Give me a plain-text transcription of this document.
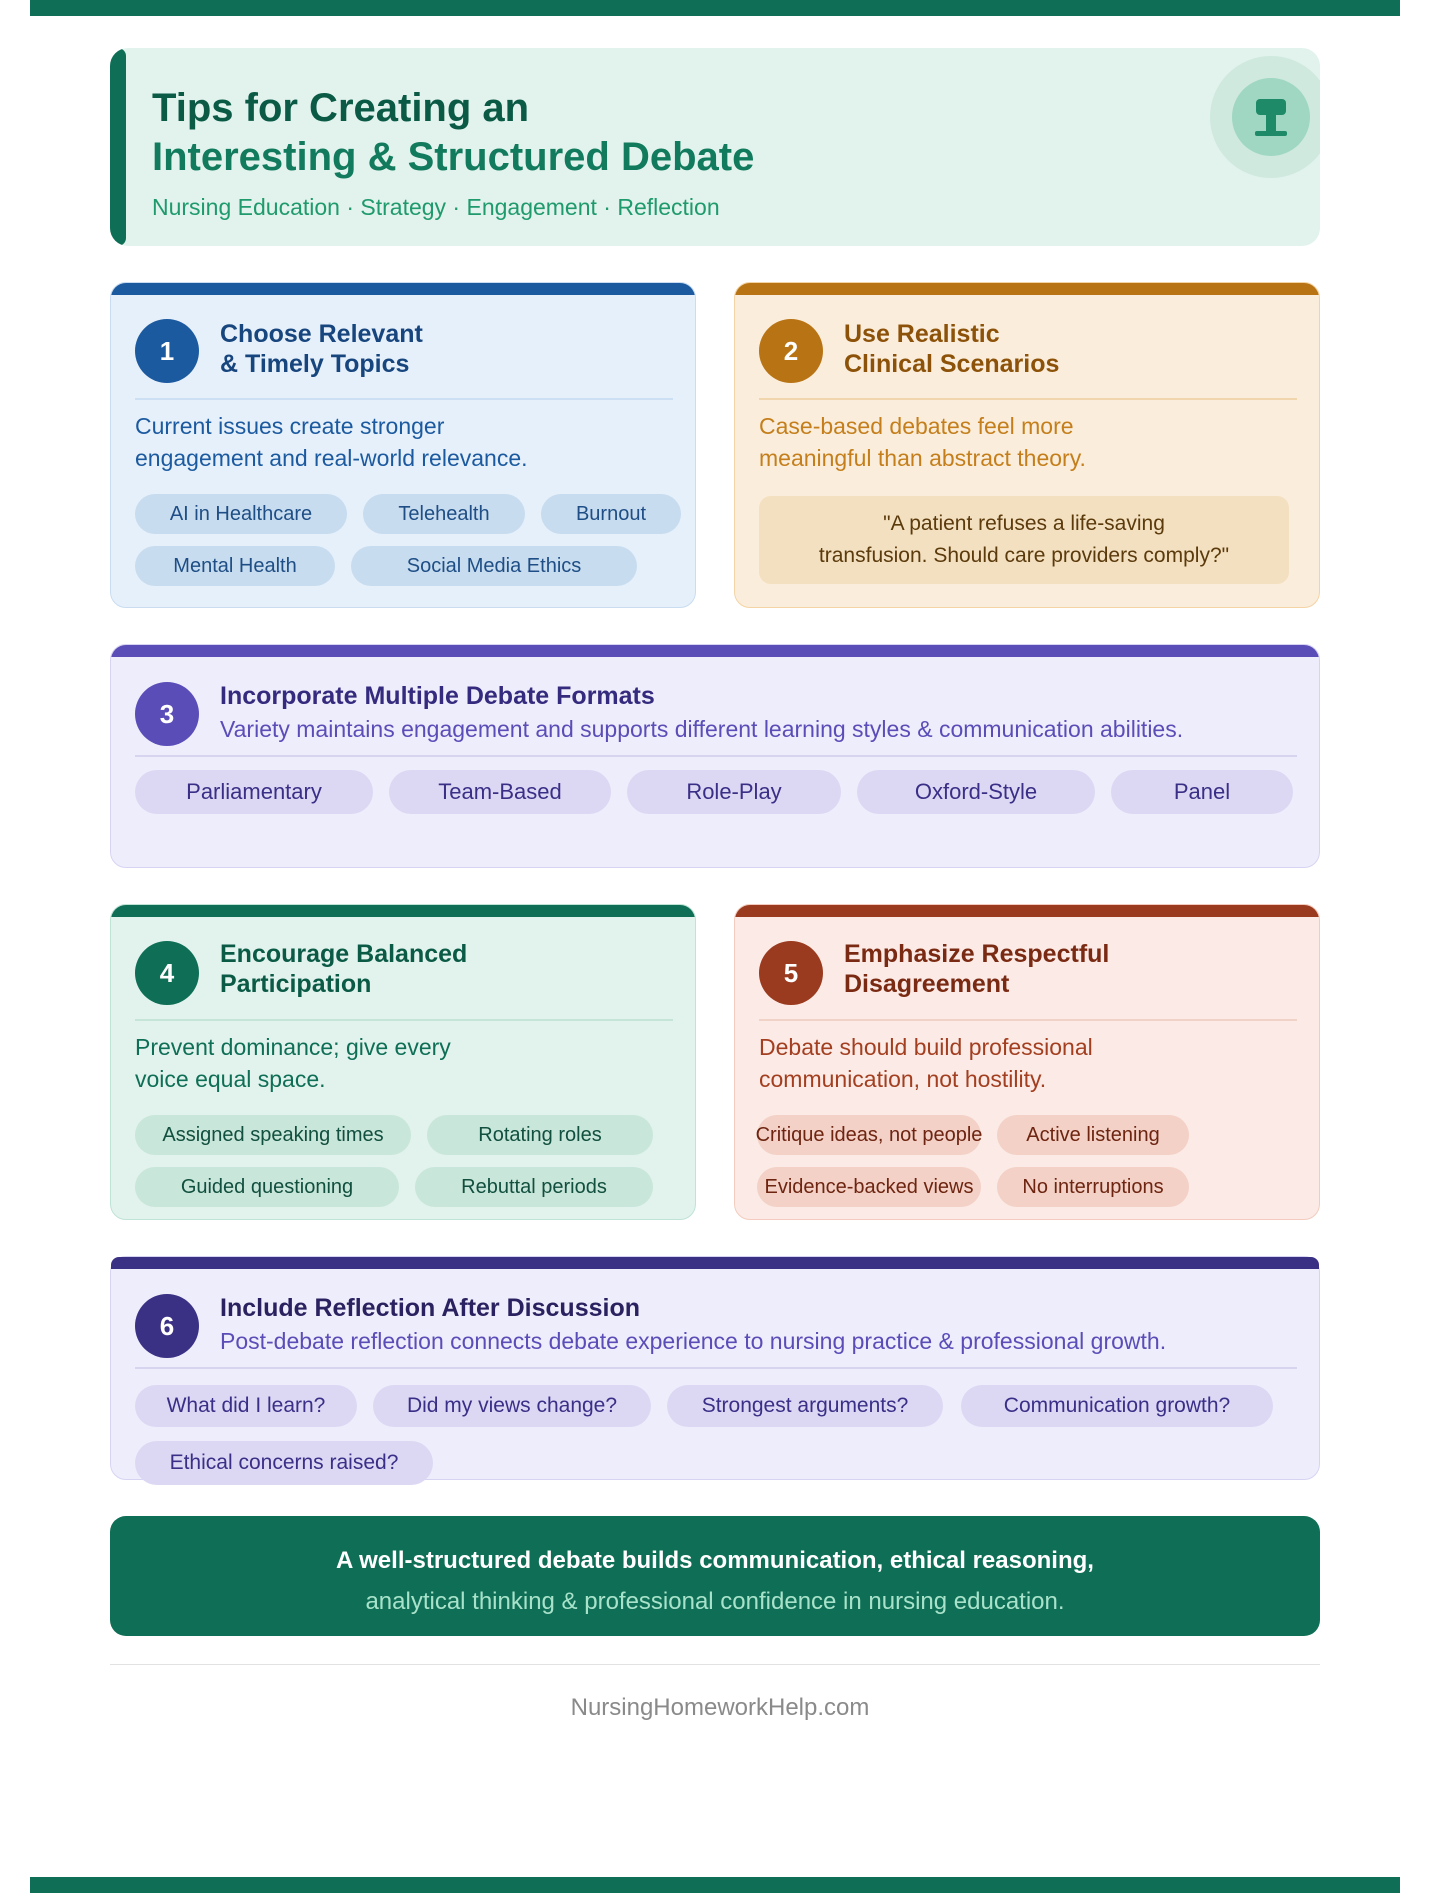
Tips for Creating an
Interesting & Structured Debate
Nursing Education · Strategy · Engagement · Reflection
1
Choose Relevant
& Timely Topics
Current issues create stronger
engagement and real-world relevance.
AI in Healthcare	Telehealth	Burnout
Mental Health	Social Media Ethics
2
Use Realistic
Clinical Scenarios
Case-based debates feel more
meaningful than abstract theory.
"A patient refuses a life-saving
transfusion. Should care providers comply?"
3
Incorporate Multiple Debate Formats
Variety maintains engagement and supports different learning styles & communication abilities.
Parliamentary	Team-Based	Role-Play	Oxford-Style	Panel
4
Encourage Balanced
Participation
Prevent dominance; give every
voice equal space.
Assigned speaking times	Rotating roles
Guided questioning	Rebuttal periods
5
Emphasize Respectful
Disagreement
Debate should build professional
communication, not hostility.
Critique ideas, not people	Active listening
Evidence-backed views	No interruptions
6
Include Reflection After Discussion
Post-debate reflection connects debate experience to nursing practice & professional growth.
What did I learn?	Did my views change?	Strongest arguments?	Communication growth?
Ethical concerns raised?
A well-structured debate builds communication, ethical reasoning,
analytical thinking & professional confidence in nursing education.
NursingHomeworkHelp.com
